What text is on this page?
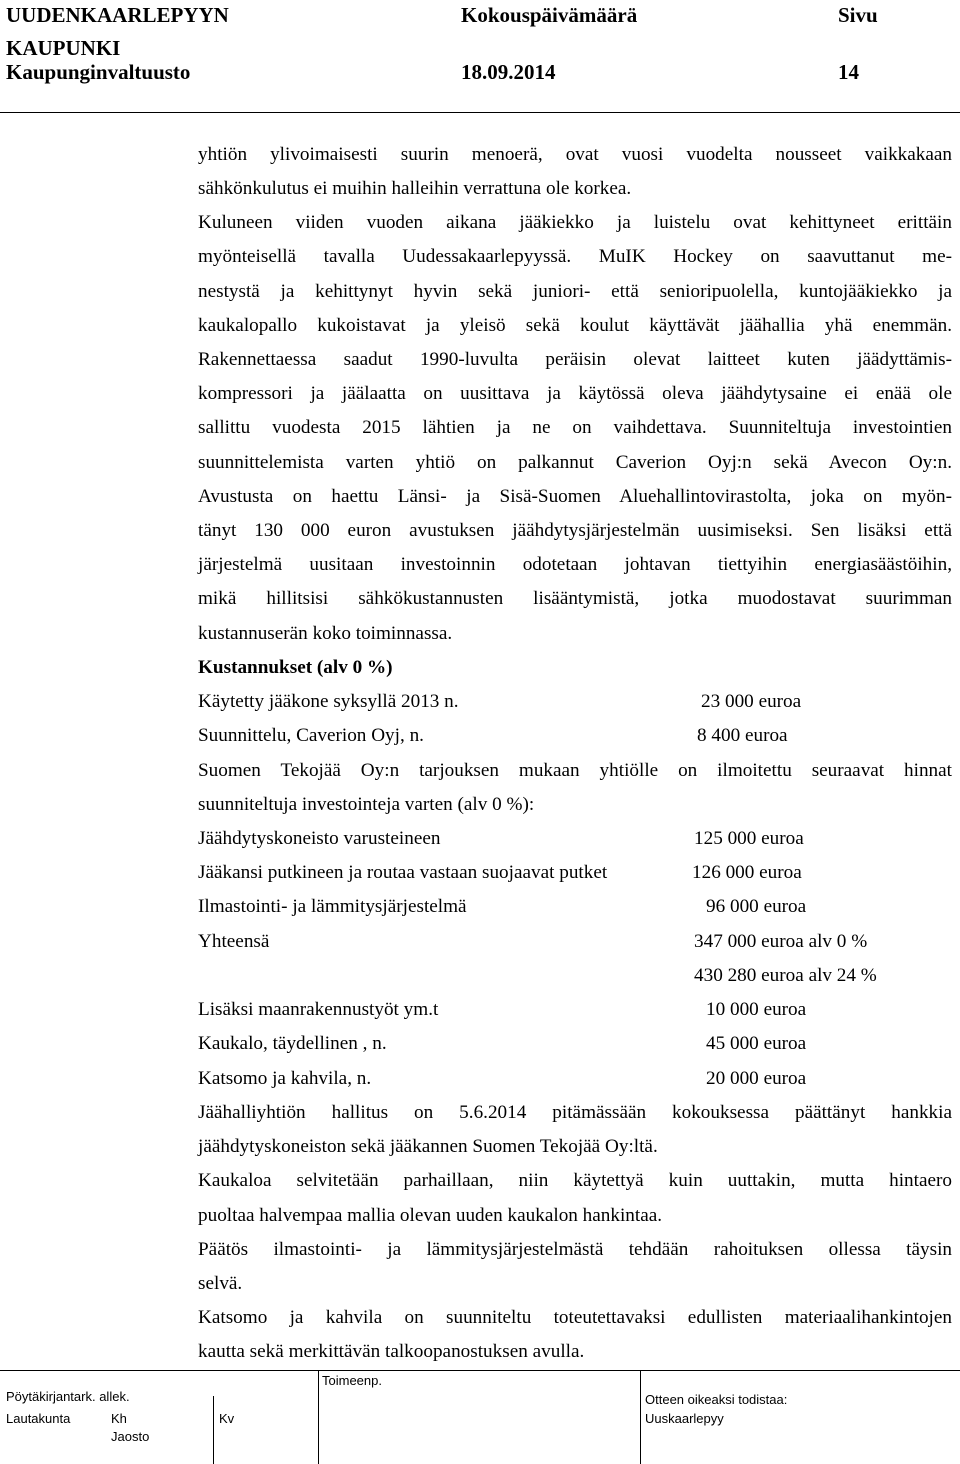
UUDENKAARLEPYYN
KAUPUNKI
Kaupunginvaltuusto
Kokouspäivämäärä
18.09.2014
Sivu
14
yhtiön ylivoimaisesti suurin menoerä, ovat vuosi vuodelta nousseet vaikkakaan
sähkönkulutus ei muihin halleihin verrattuna ole korkea.
Kuluneen viiden vuoden aikana jääkiekko ja luistelu ovat kehittyneet erittäin
myönteisellä tavalla Uudessakaarlepyyssä. MuIK Hockey on saavuttanut me-
nestystä ja kehittynyt hyvin sekä juniori- että senioripuolella, kuntojääkiekko ja
kaukalopallo kukoistavat ja yleisö sekä koulut käyttävät jäähallia yhä enemmän.
Rakennettaessa saadut 1990-luvulta peräisin olevat laitteet kuten jäädyttämis-
kompressori ja jäälaatta on uusittava ja käytössä oleva jäähdytysaine ei enää ole
sallittu vuodesta 2015 lähtien ja ne on vaihdettava. Suunniteltuja investointien
suunnittelemista varten yhtiö on palkannut Caverion Oyj:n sekä Avecon Oy:n.
Avustusta on haettu Länsi- ja Sisä-Suomen Aluehallintovirastolta, joka on myön-
tänyt 130 000 euron avustuksen jäähdytysjärjestelmän uusimiseksi. Sen lisäksi että
järjestelmä uusitaan investoinnin odotetaan johtavan tiettyihin energiasäästöihin,
mikä hillitsisi sähkökustannusten lisääntymistä, jotka muodostavat suurimman
kustannuserän koko toiminnassa.
Kustannukset (alv 0 %)
Käytetty jääkone syksyllä 2013 n.	23 000 euroa
Suunnittelu, Caverion Oyj, n.	8 400 euroa
Suomen Tekojää Oy:n tarjouksen mukaan yhtiölle on ilmoitettu seuraavat hinnat
suunniteltuja investointeja varten (alv 0 %):
Jäähdytyskoneisto varusteineen	125 000 euroa
Jääkansi putkineen ja routaa vastaan suojaavat putket	126 000 euroa
Ilmastointi- ja lämmitysjärjestelmä	96 000 euroa
Yhteensä	347 000 euroa alv 0 %
430 280 euroa alv 24 %
Lisäksi maanrakennustyöt ym.t	10 000 euroa
Kaukalo, täydellinen , n.	45 000 euroa
Katsomo ja kahvila, n.	20 000 euroa
Jäähalliyhtiön hallitus on 5.6.2014 pitämässään kokouksessa päättänyt hankkia
jäähdytyskoneiston sekä jääkannen Suomen Tekojää Oy:ltä.
Kaukaloa selvitetään parhaillaan, niin käytettyä kuin uuttakin, mutta hintaero
puoltaa halvempaa mallia olevan uuden kaukalon hankintaa.
Päätös ilmastointi- ja lämmitysjärjestelmästä tehdään rahoituksen ollessa täysin
selvä.
Katsomo ja kahvila on suunniteltu toteutettavaksi edullisten materiaalihankintojen
kautta sekä merkittävän talkoopanostuksen avulla.
Pöytäkirjantark. allek.
Lautakunta	Kh
Jaosto
Kv
Toimeenp.
Otteen oikeaksi todistaa:
Uuskaarlepyy
